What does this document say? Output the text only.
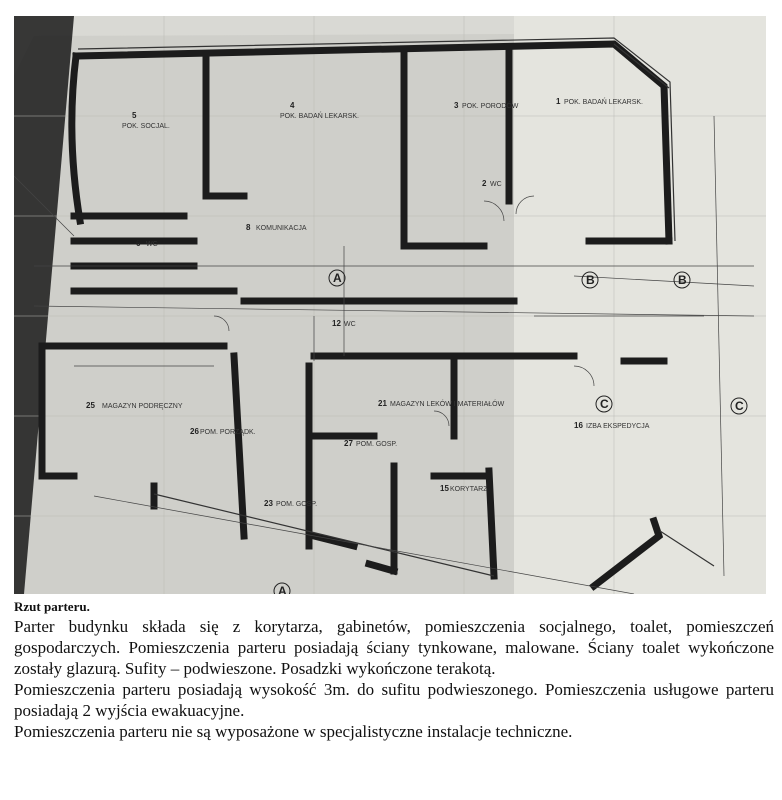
A	B	B
C	C
A
1 POK. BADAŃ LEKARSK.
2 WC
3 POK. PORODÓW
4
POK. BADAŃ LEKARSK.
5
POK. SOCJAL.
6 WC
8 KOMUNIKACJA
12 WC
16 IZBA EKSPEDYCJA
21 MAGAZYN LEKÓW I MATERIAŁÓW
23 POM. GOSP.
25 MAGAZYN PODRĘCZNY
26 POM. PORZĄDK.
27 POM. GOSP.
15 KORYTARZ
Rzut parteru.

Parter budynku składa się z korytarza, gabinetów, pomieszczenia socjalnego, toalet, pomieszczeń gospodarczych. Pomieszczenia parteru posiadają ściany tynkowane, malowane. Ściany toalet wykończone zostały glazurą. Sufity – podwieszone. Posadzki wykończone terakotą.

Pomieszczenia parteru posiadają wysokość 3m. do sufitu podwieszonego. Pomieszczenia usługowe parteru posiadają 2 wyjścia ewakuacyjne.

Pomieszczenia parteru nie są wyposażone w specjalistyczne instalacje techniczne.
